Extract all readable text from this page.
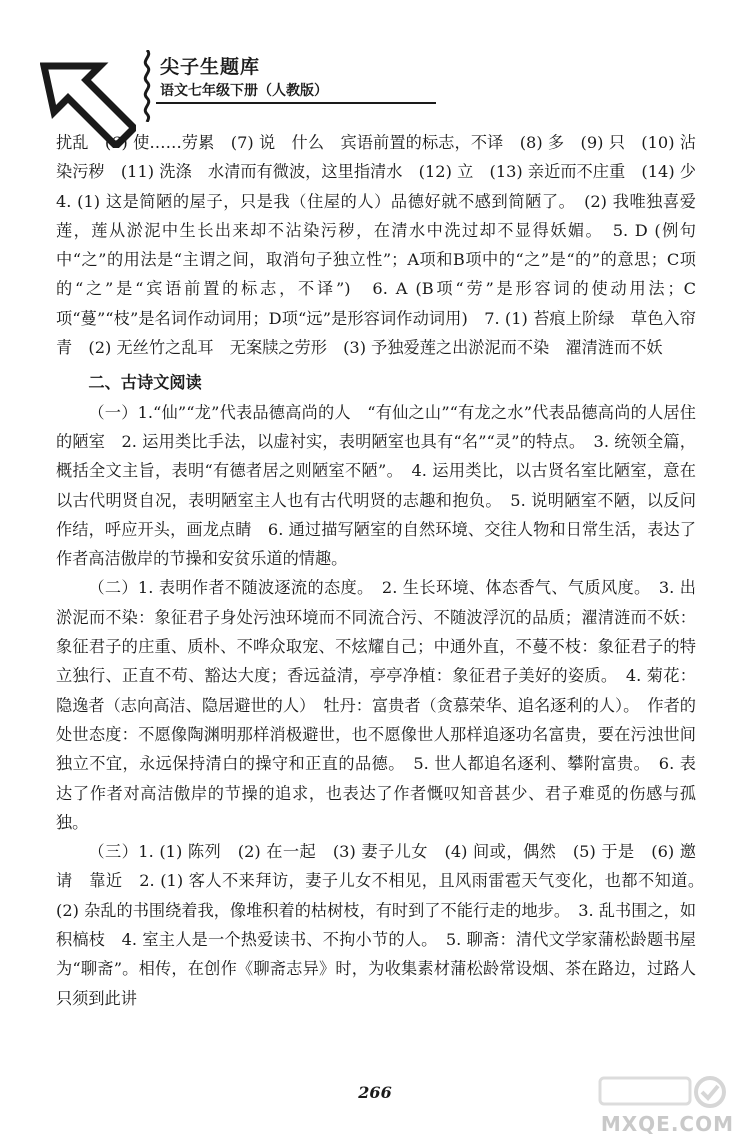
尖子生题库
语文七年级下册（人教版）

扰乱　(6) 使……劳累　(7) 说　什么　宾语前置的标志，不译　(8) 多　(9) 只　(10) 沾染污秽　(11) 洗涤　水清而有微波，这里指清水　(12) 立　(13) 亲近而不庄重　(14) 少　4. (1) 这是简陋的屋子，只是我（住屋的人）品德好就不感到简陋了。　(2) 我唯独喜爱莲，莲从淤泥中生长出来却不沾染污秽，在清水中洗过却不显得妖媚。　5. D (例句中“之”的用法是“主谓之间，取消句子独立性”；A项和B项中的“之”是“的”的意思；C项的“之”是“宾语前置的标志，不译”)　6. A (B项“劳”是形容词的使动用法；C项“蔓”“枝”是名词作动词用；D项“远”是形容词作动词用)　7. (1) 苔痕上阶绿　草色入帘青　(2) 无丝竹之乱耳　无案牍之劳形　(3) 予独爱莲之出淤泥而不染　濯清涟而不妖

二、古诗文阅读

（一）1.“仙”“龙”代表品德高尚的人　“有仙之山”“有龙之水”代表品德高尚的人居住的陋室　2. 运用类比手法，以虚衬实，表明陋室也具有“名”“灵”的特点。　3. 统领全篇，概括全文主旨，表明“有德者居之则陋室不陋”。　4. 运用类比，以古贤名室比陋室，意在以古代明贤自况，表明陋室主人也有古代明贤的志趣和抱负。　5. 说明陋室不陋，以反问作结，呼应开头，画龙点睛　6. 通过描写陋室的自然环境、交往人物和日常生活，表达了作者高洁傲岸的节操和安贫乐道的情趣。

（二）1. 表明作者不随波逐流的态度。　2. 生长环境、体态香气、气质风度。　3. 出淤泥而不染：象征君子身处污浊环境而不同流合污、不随波浮沉的品质；濯清涟而不妖：象征君子的庄重、质朴、不哗众取宠、不炫耀自己；中通外直，不蔓不枝：象征君子的特立独行、正直不苟、豁达大度；香远益清，亭亭净植：象征君子美好的姿质。　4. 菊花：隐逸者（志向高洁、隐居避世的人）　牡丹：富贵者（贪慕荣华、追名逐利的人）。　作者的处世态度：不愿像陶渊明那样消极避世，也不愿像世人那样追逐功名富贵，要在污浊世间独立不宜，永远保持清白的操守和正直的品德。　5. 世人都追名逐利、攀附富贵。　6. 表达了作者对高洁傲岸的节操的追求，也表达了作者慨叹知音甚少、君子难觅的伤感与孤独。

（三）1. (1) 陈列　(2) 在一起　(3) 妻子儿女　(4) 间或，偶然　(5) 于是　(6) 邀请　靠近　2. (1) 客人不来拜访，妻子儿女不相见，且风雨雷雹天气变化，也都不知道。　(2) 杂乱的书围绕着我，像堆积着的枯树枝，有时到了不能行走的地步。　3. 乱书围之，如积槁枝　4. 室主人是一个热爱读书、不拘小节的人。　5. 聊斋：清代文学家蒲松龄题书屋为“聊斋”。相传，在创作《聊斋志异》时，为收集素材蒲松龄常设烟、茶在路边，过路人只须到此讲

266
MXQE.COM
